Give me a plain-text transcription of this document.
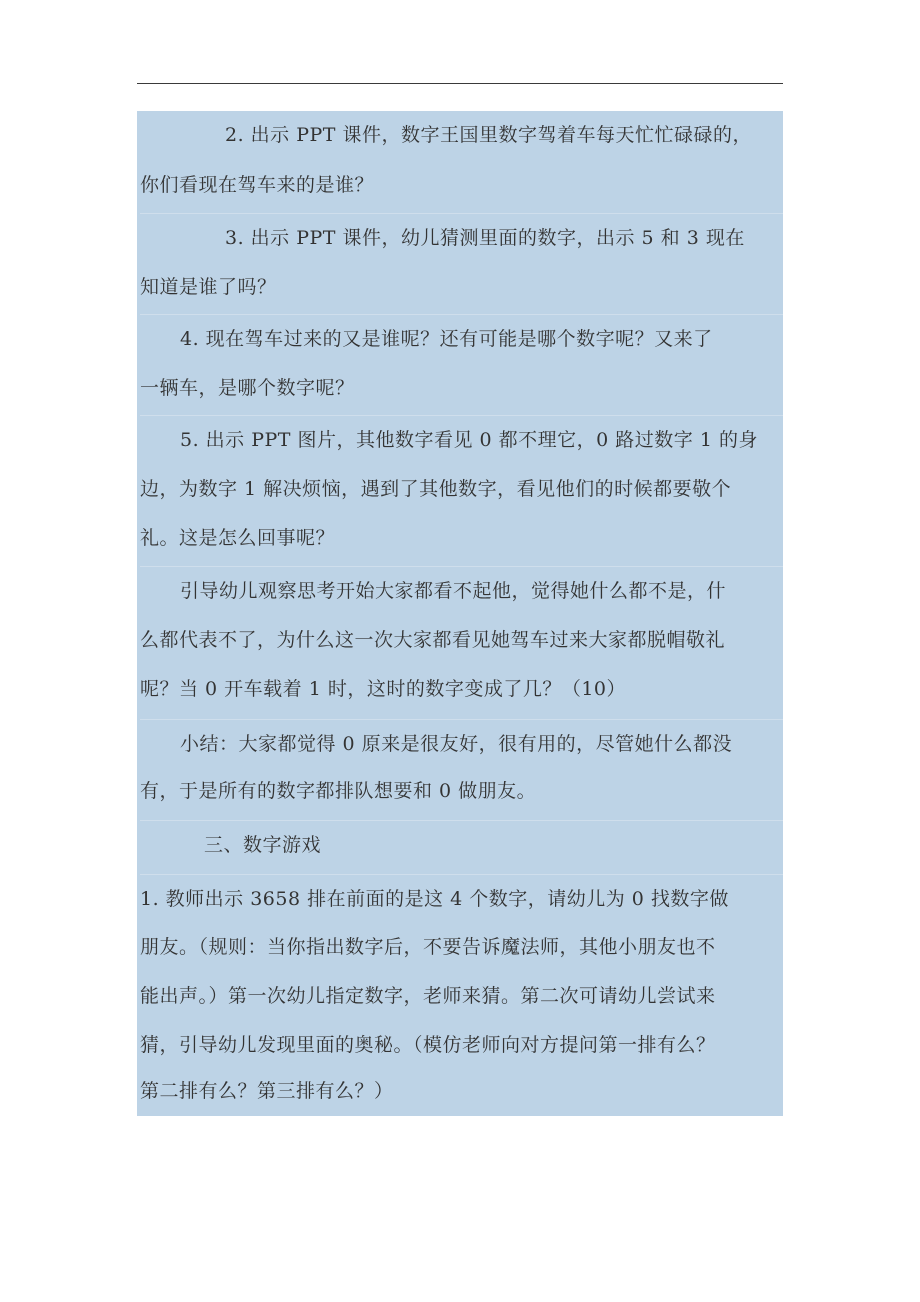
2. 出示 PPT 课件，数字王国里数字驾着车每天忙忙碌碌的，
你们看现在驾车来的是谁？
3. 出示 PPT 课件，幼儿猜测里面的数字，出示 5 和 3 现在
知道是谁了吗？
4. 现在驾车过来的又是谁呢？还有可能是哪个数字呢？又来了
一辆车，是哪个数字呢？
5. 出示 PPT 图片，其他数字看见 0 都不理它，0 路过数字 1 的身
边，为数字 1 解决烦恼，遇到了其他数字，看见他们的时候都要敬个
礼。这是怎么回事呢？
引导幼儿观察思考开始大家都看不起他，觉得她什么都不是，什
么都代表不了，为什么这一次大家都看见她驾车过来大家都脱帽敬礼
呢？当 0 开车载着 1 时，这时的数字变成了几？（10）
小结：大家都觉得 0 原来是很友好，很有用的，尽管她什么都没
有，于是所有的数字都排队想要和 0 做朋友。
三、数字游戏
1. 教师出示 3658 排在前面的是这 4 个数字，请幼儿为 0 找数字做
朋友。（规则：当你指出数字后，不要告诉魔法师，其他小朋友也不
能出声。）第一次幼儿指定数字，老师来猜。第二次可请幼儿尝试来
猜，引导幼儿发现里面的奥秘。（模仿老师向对方提问第一排有么？
第二排有么？第三排有么？）
